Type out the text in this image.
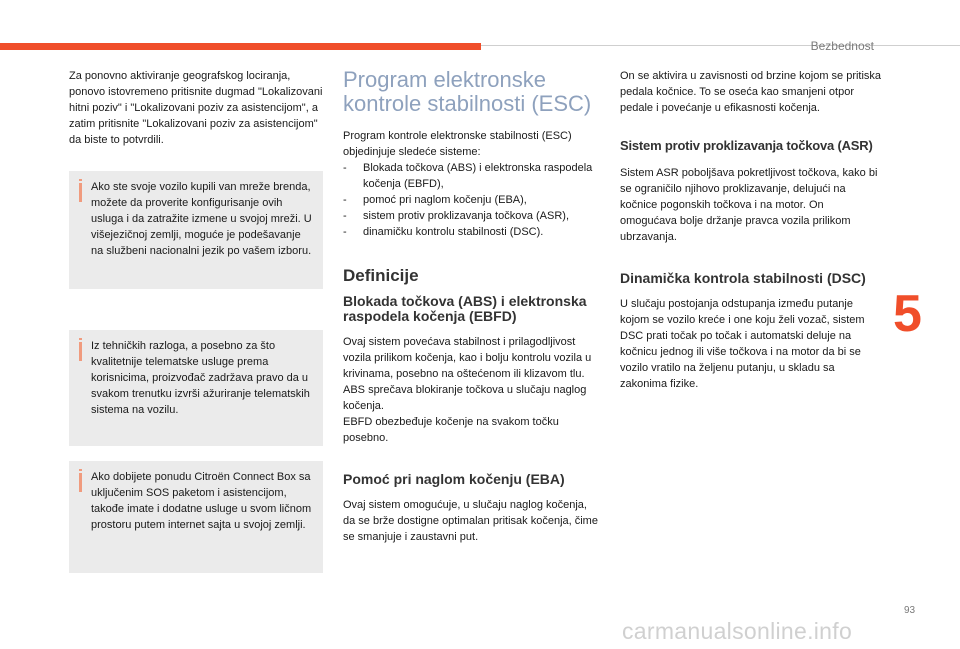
Bezbednost
5
93
carmanualsonline.info

Za ponovno aktiviranje geografskog lociranja, ponovo istovremeno pritisnite dugmad "Lokalizovani hitni poziv" i "Lokalizovani poziv za asistencijom", a zatim pritisnite "Lokalizovani poziv za asistencijom" da biste to potvrdili.

Ako ste svoje vozilo kupili van mreže brenda, možete da proverite konfigurisanje ovih usluga i da zatražite izmene u svojoj mreži. U višejezičnoj zemlji, moguće je podešavanje na službeni nacionalni jezik po vašem izboru.

Iz tehničkih razloga, a posebno za što kvalitetnije telematske usluge prema korisnicima, proizvođač zadržava pravo da u svakom trenutku izvrši ažuriranje telematskih sistema na vozilu.

Ako dobijete ponudu Citroën Connect Box sa uključenim SOS paketom i asistencijom, takođe imate i dodatne usluge u svom ličnom prostoru putem internet sajta u svojoj zemlji.

Program elektronske kontrole stabilnosti (ESC)

Program kontrole elektronske stabilnosti (ESC) objedinjuje sledeće sisteme:

- Blokada točkova (ABS) i elektronska raspodela kočenja (EBFD),
- pomoć pri naglom kočenju (EBA),
- sistem protiv proklizavanja točkova (ASR),
- dinamičku kontrolu stabilnosti (DSC).
Definicije
Blokada točkova (ABS) i elektronska raspodela kočenja (EBFD)

Ovaj sistem povećava stabilnost i prilagodljivost vozila prilikom kočenja, kao i bolju kontrolu vozila u krivinama, posebno na oštećenom ili klizavom tlu.

ABS sprečava blokiranje točkova u slučaju naglog kočenja.

EBFD obezbeđuje kočenje na svakom točku posebno.

Pomoć pri naglom kočenju (EBA)

Ovaj sistem omogućuje, u slučaju naglog kočenja, da se brže dostigne optimalan pritisak kočenja, čime se smanjuje i zaustavni put.

On se aktivira u zavisnosti od brzine kojom se pritiska pedala kočnice. To se oseća kao smanjeni otpor pedale i povećanje u efikasnosti kočenja.

Sistem protiv proklizavanja točkova (ASR)

Sistem ASR poboljšava pokretljivost točkova, kako bi se ograničilo njihovo proklizavanje, delujući na kočnice pogonskih točkova i na motor. On omogućava bolje držanje pravca vozila prilikom ubrzavanja.

Dinamička kontrola stabilnosti (DSC)

U slučaju postojanja odstupanja između putanje kojom se vozilo kreće i one koju želi vozač, sistem DSC prati točak po točak i automatski deluje na kočnicu jednog ili više točkova i na motor da bi se vozilo vratilo na željenu putanju, u skladu sa zakonima fizike.
